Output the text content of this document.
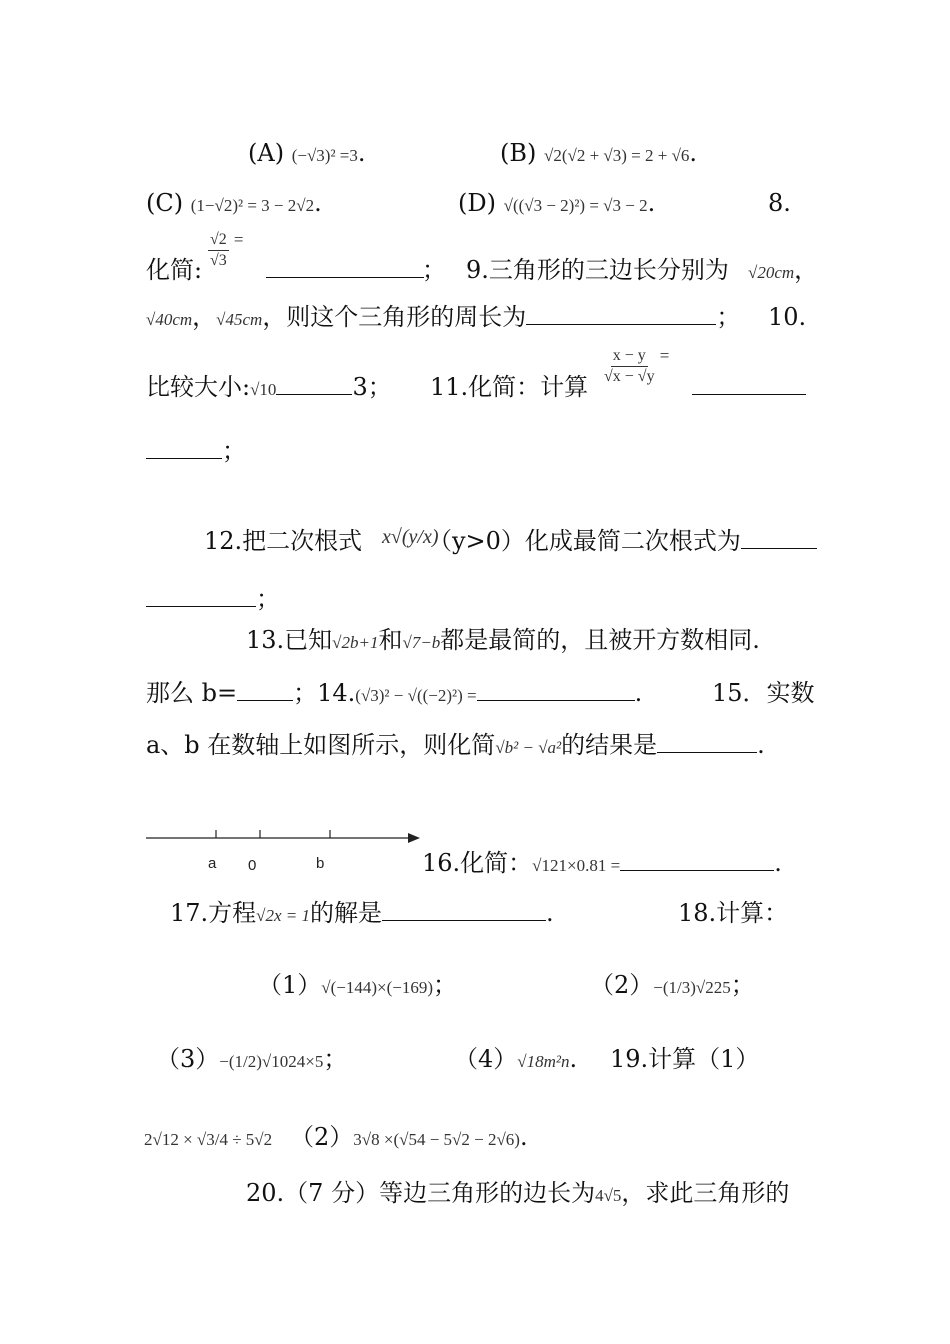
(A) (−√3)² =3.	(B) √2(√2 + √3) = 2 + √6.
(C) (1−√2)² = 3 − 2√2.	(D) √((√3 − 2)²) = √3 − 2.	8.
化简: $\frac{√2}{√3}$ =
； 9.三角形的三边长分别为 √20cm，
√40cm，√45cm，则这个三角形的周长为	； 10.
比较大小:√10	3； 11.化简：计算 $\frac{x - y}{√x - √y}$ =
；
12.把二次根式 x√(y/x)
（y>0）化成最简二次根式为
；
13.已知√2b+1和√7−b都是最简的，且被开方数相同.
那么 b= ；14.(√3)² − √((−2)²) =	.	15．实数
a、b 在数轴上如图所示，则化简√b² − √a²的结果是	.
a 0	b	16.化简：√121×0.81 =	.
17.方程√2x = 1的解是	.	18.计算：
（1）√(−144)×(−169)；	（2）−(1/3)√225；
（3）−(1/2)√1024×5；	（4）√18m²n. 19.计算（1）
2√12 × √3/4 ÷ 5√2 （2）3√8 ×(√54 − 5√2 − 2√6).
20.（7 分）等边三角形的边长为4√5，求此三角形的
